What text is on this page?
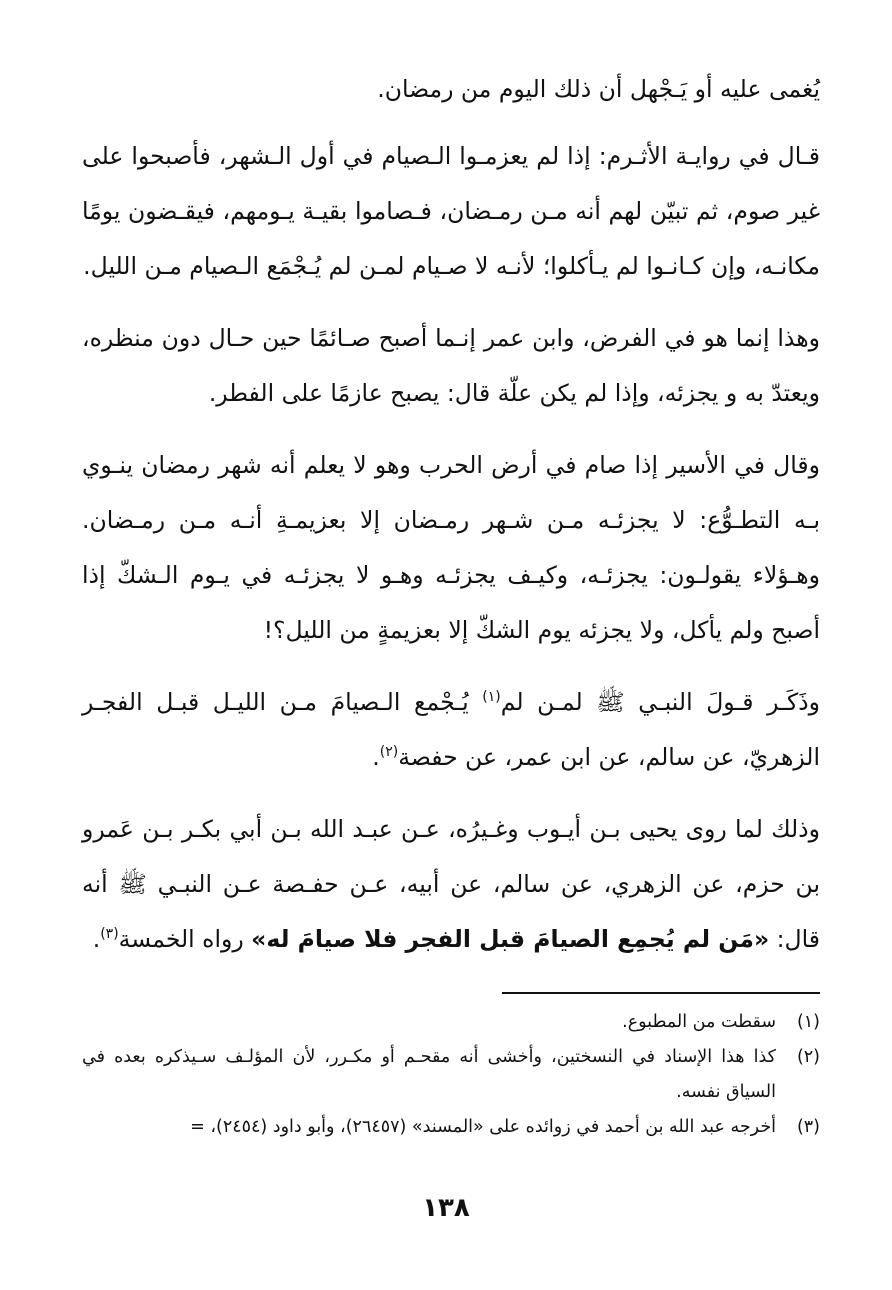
يُغمى عليه أو يَـجْهل أن ذلك اليوم من رمضان.

قـال في روايـة الأثـرم: إذا لم يعزمـوا الـصيام في أول الـشهر، فأصبحوا على غير صوم، ثم تبيّن لهم أنه مـن رمـضان، فـصاموا بقيـة يـومهم، فيقـضون يومًا مكانـه، وإن كـانـوا لم يـأكلوا؛ لأنـه لا صـيام لمـن لم يُـجْمَع الـصيام مـن الليل.

وهذا إنما هو في الفرض، وابن عمر إنـما أصبح صـائمًا حين حـال دون منظره، ويعتدّ به و يجزئه، وإذا لم يكن علّة قال: يصبح عازمًا على الفطر.

وقال في الأسير إذا صام في أرض الحرب وهو لا يعلم أنه شهر رمضان ينـوي بـه التطـوُّع: لا يجزئـه مـن شـهر رمـضان إلا بعزيمـةِ أنـه مـن رمـضان. وهـؤلاء يقولـون: يجزئـه، وكيـف يجزئـه وهـو لا يجزئـه في يـوم الـشكّ إذا أصبح ولم يأكل، ولا يجزئه يوم الشكّ إلا بعزيمةٍ من الليل؟!

وذَكَـر قـولَ النبـي ﷺ لمـن لم$^{(١)}$ يُـجْمع الـصيامَ مـن الليـل قبـل الفجـر الزهريّ، عن سالم، عن ابن عمر، عن حفصة$^{(٢)}$.

وذلك لما روى يحيى بـن أيـوب وغـيرُه، عـن عبـد الله بـن أبي بكـر بـن عَمرو بن حزم، عن الزهري، عن سالم، عن أبيه، عـن حفـصة عـن النبـي ﷺ أنه قال: «مَن لم يُجمِع الصيامَ قبل الفجر فلا صيامَ له» رواه الخمسة$^{(٣)}$.

(١)
سقطت من المطبوع.
(٢)
كذا هذا الإسناد في النسختين، وأخشى أنه مقحـم أو مكـرر، لأن المؤلـف سـيذكره بعده في السياق نفسه.
(٣)
أخرجه عبد الله بن أحمد في زوائده على «المسند» (٢٦٤٥٧)، وأبو داود (٢٤٥٤)، =
١٣٨
